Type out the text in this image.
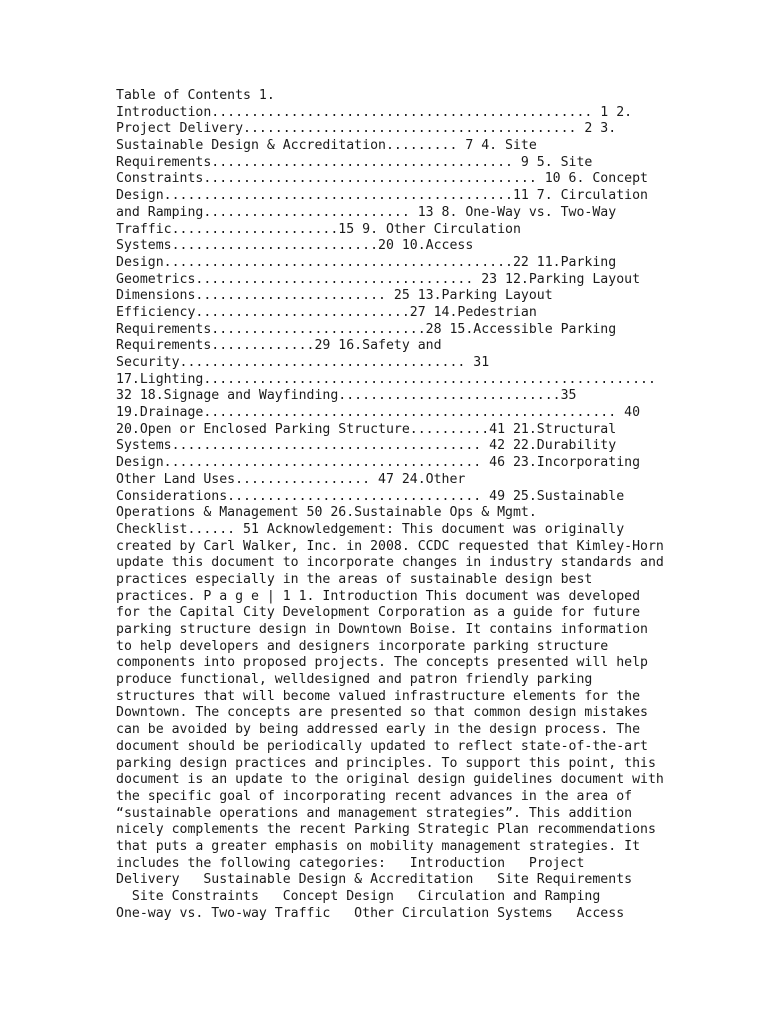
Table of Contents 1.
Introduction................................................ 1 2.
Project Delivery.......................................... 2 3.
Sustainable Design & Accreditation......... 7 4. Site
Requirements...................................... 9 5. Site
Constraints.......................................... 10 6. Concept
Design............................................11 7. Circulation
and Ramping.......................... 13 8. One-Way vs. Two-Way
Traffic.....................15 9. Other Circulation
Systems..........................20 10.Access
Design............................................22 11.Parking
Geometrics................................... 23 12.Parking Layout
Dimensions........................ 25 13.Parking Layout
Efficiency...........................27 14.Pedestrian
Requirements...........................28 15.Accessible Parking
Requirements.............29 16.Safety and
Security.................................... 31
17.Lighting.........................................................
32 18.Signage and Wayfinding............................35
19.Drainage.................................................... 40
20.Open or Enclosed Parking Structure..........41 21.Structural
Systems....................................... 42 22.Durability
Design........................................ 46 23.Incorporating
Other Land Uses................. 47 24.Other
Considerations................................ 49 25.Sustainable
Operations & Management 50 26.Sustainable Ops & Mgmt.
Checklist...... 51 Acknowledgement: This document was originally
created by Carl Walker, Inc. in 2008. CCDC requested that Kimley-Horn
update this document to incorporate changes in industry standards and
practices especially in the areas of sustainable design best
practices. P a g e | 1 1. Introduction This document was developed
for the Capital City Development Corporation as a guide for future
parking structure design in Downtown Boise. It contains information
to help developers and designers incorporate parking structure
components into proposed projects. The concepts presented will help
produce functional, welldesigned and patron friendly parking
structures that will become valued infrastructure elements for the
Downtown. The concepts are presented so that common design mistakes
can be avoided by being addressed early in the design process. The
document should be periodically updated to reflect state-of-the-art
parking design practices and principles. To support this point, this
document is an update to the original design guidelines document with
the specific goal of incorporating recent advances in the area of
“sustainable operations and management strategies”. This addition
nicely complements the recent Parking Strategic Plan recommendations
that puts a greater emphasis on mobility management strategies. It
includes the following categories:   Introduction   Project
Delivery   Sustainable Design & Accreditation   Site Requirements
Site Constraints   Concept Design   Circulation and Ramping
One-way vs. Two-way Traffic   Other Circulation Systems   Access
